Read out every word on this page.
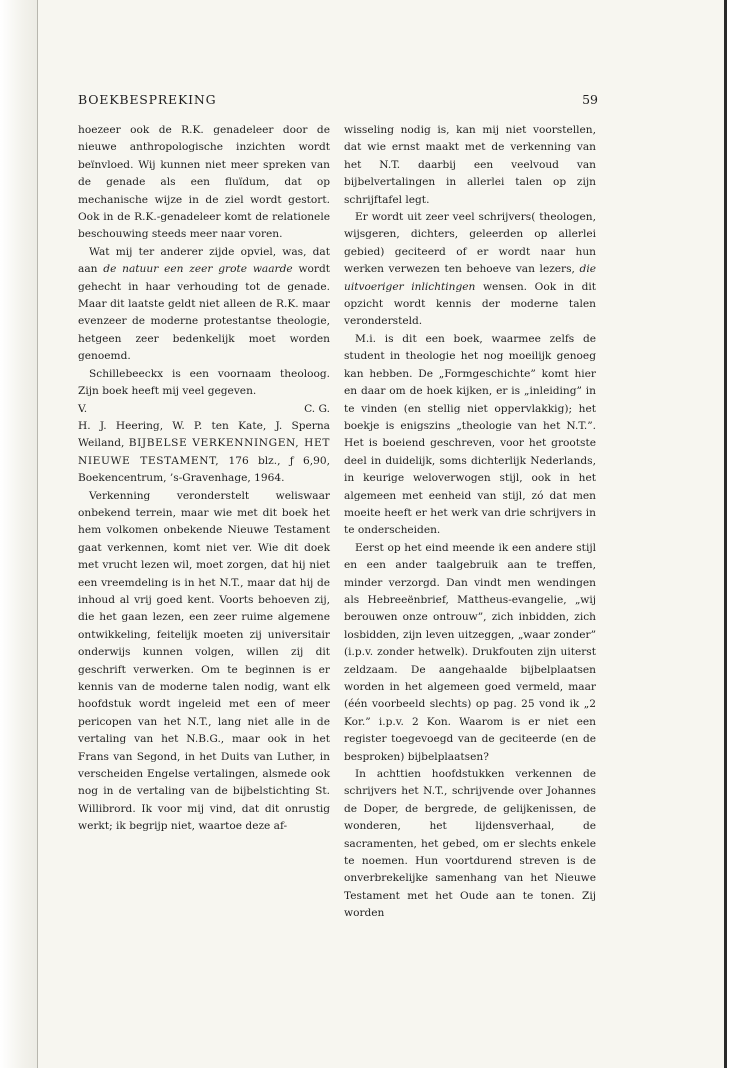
BOEKBESPREKING	59

hoezeer ook de R.K. genadeleer door de nieuwe anthropologische inzichten wordt beïnvloed. Wij kunnen niet meer spreken van de genade als een fluïdum, dat op mechanische wijze in de ziel wordt gestort. Ook in de R.K.-genadeleer komt de relationele beschouwing steeds meer naar voren.

Wat mij ter anderer zijde opviel, was, dat aan de natuur een zeer grote waarde wordt gehecht in haar verhouding tot de genade. Maar dit laatste geldt niet alleen de R.K. maar evenzeer de moderne protestantse theologie, hetgeen zeer bedenkelijk moet worden genoemd.

Schillebeeckx is een voornaam theoloog. Zijn boek heeft mij veel gegeven.

V.	C. G.

H. J. Heering, W. P. ten Kate, J. Sperna Weiland, BIJBELSE VERKENNINGEN, HET NIEUWE TESTAMENT, 176 blz., ƒ 6,90, Boekencentrum, ’s-Gravenhage, 1964.

Verkenning veronderstelt weliswaar onbekend terrein, maar wie met dit boek het hem volkomen onbekende Nieuwe Testament gaat verkennen, komt niet ver. Wie dit doek met vrucht lezen wil, moet zorgen, dat hij niet een vreemdeling is in het N.T., maar dat hij de inhoud al vrij goed kent. Voorts behoeven zij, die het gaan lezen, een zeer ruime algemene ontwikkeling, feitelijk moeten zij universitair onderwijs kunnen volgen, willen zij dit geschrift verwerken. Om te beginnen is er kennis van de moderne talen nodig, want elk hoofdstuk wordt ingeleid met een of meer pericopen van het N.T., lang niet alle in de vertaling van het N.B.G., maar ook in het Frans van Segond, in het Duits van Luther, in verscheiden Engelse vertalingen, alsmede ook nog in de vertaling van de bijbelstichting St. Willibrord. Ik voor mij vind, dat dit onrustig werkt; ik begrijp niet, waartoe deze af-

wisseling nodig is, kan mij niet voorstellen, dat wie ernst maakt met de verkenning van het N.T. daarbij een veelvoud van bijbelvertalingen in allerlei talen op zijn schrijftafel legt.

Er wordt uit zeer veel schrijvers( theologen, wijsgeren, dichters, geleerden op allerlei gebied) geciteerd of er wordt naar hun werken verwezen ten behoeve van lezers, die uitvoeriger inlichtingen wensen. Ook in dit opzicht wordt kennis der moderne talen verondersteld.

M.i. is dit een boek, waarmee zelfs de student in theologie het nog moeilijk genoeg kan hebben. De „Formgeschichte” komt hier en daar om de hoek kijken, er is „inleiding” in te vinden (en stellig niet oppervlakkig); het boekje is enigszins „theologie van het N.T.”. Het is boeiend geschreven, voor het grootste deel in duidelijk, soms dichterlijk Nederlands, in keurige weloverwogen stijl, ook in het algemeen met eenheid van stijl, zó dat men moeite heeft er het werk van drie schrijvers in te onderscheiden.

Eerst op het eind meende ik een andere stijl en een ander taalgebruik aan te treffen, minder verzorgd. Dan vindt men wendingen als Hebreeënbrief, Mattheus-evangelie, „wij berouwen onze ontrouw”, zich inbidden, zich losbidden, zijn leven uitzeggen, „waar zonder” (i.p.v. zonder hetwelk). Drukfouten zijn uiterst zeldzaam. De aangehaalde bijbelplaatsen worden in het algemeen goed vermeld, maar (één voorbeeld slechts) op pag. 25 vond ik „2 Kor.” i.p.v. 2 Kon. Waarom is er niet een register toegevoegd van de geciteerde (en de besproken) bijbelplaatsen?

In achttien hoofdstukken verkennen de schrijvers het N.T., schrijvende over Johannes de Doper, de bergrede, de gelijkenissen, de wonderen, het lijdensverhaal, de sacramenten, het gebed, om er slechts enkele te noemen. Hun voortdurend streven is de onverbrekelijke samenhang van het Nieuwe Testament met het Oude aan te tonen. Zij worden
